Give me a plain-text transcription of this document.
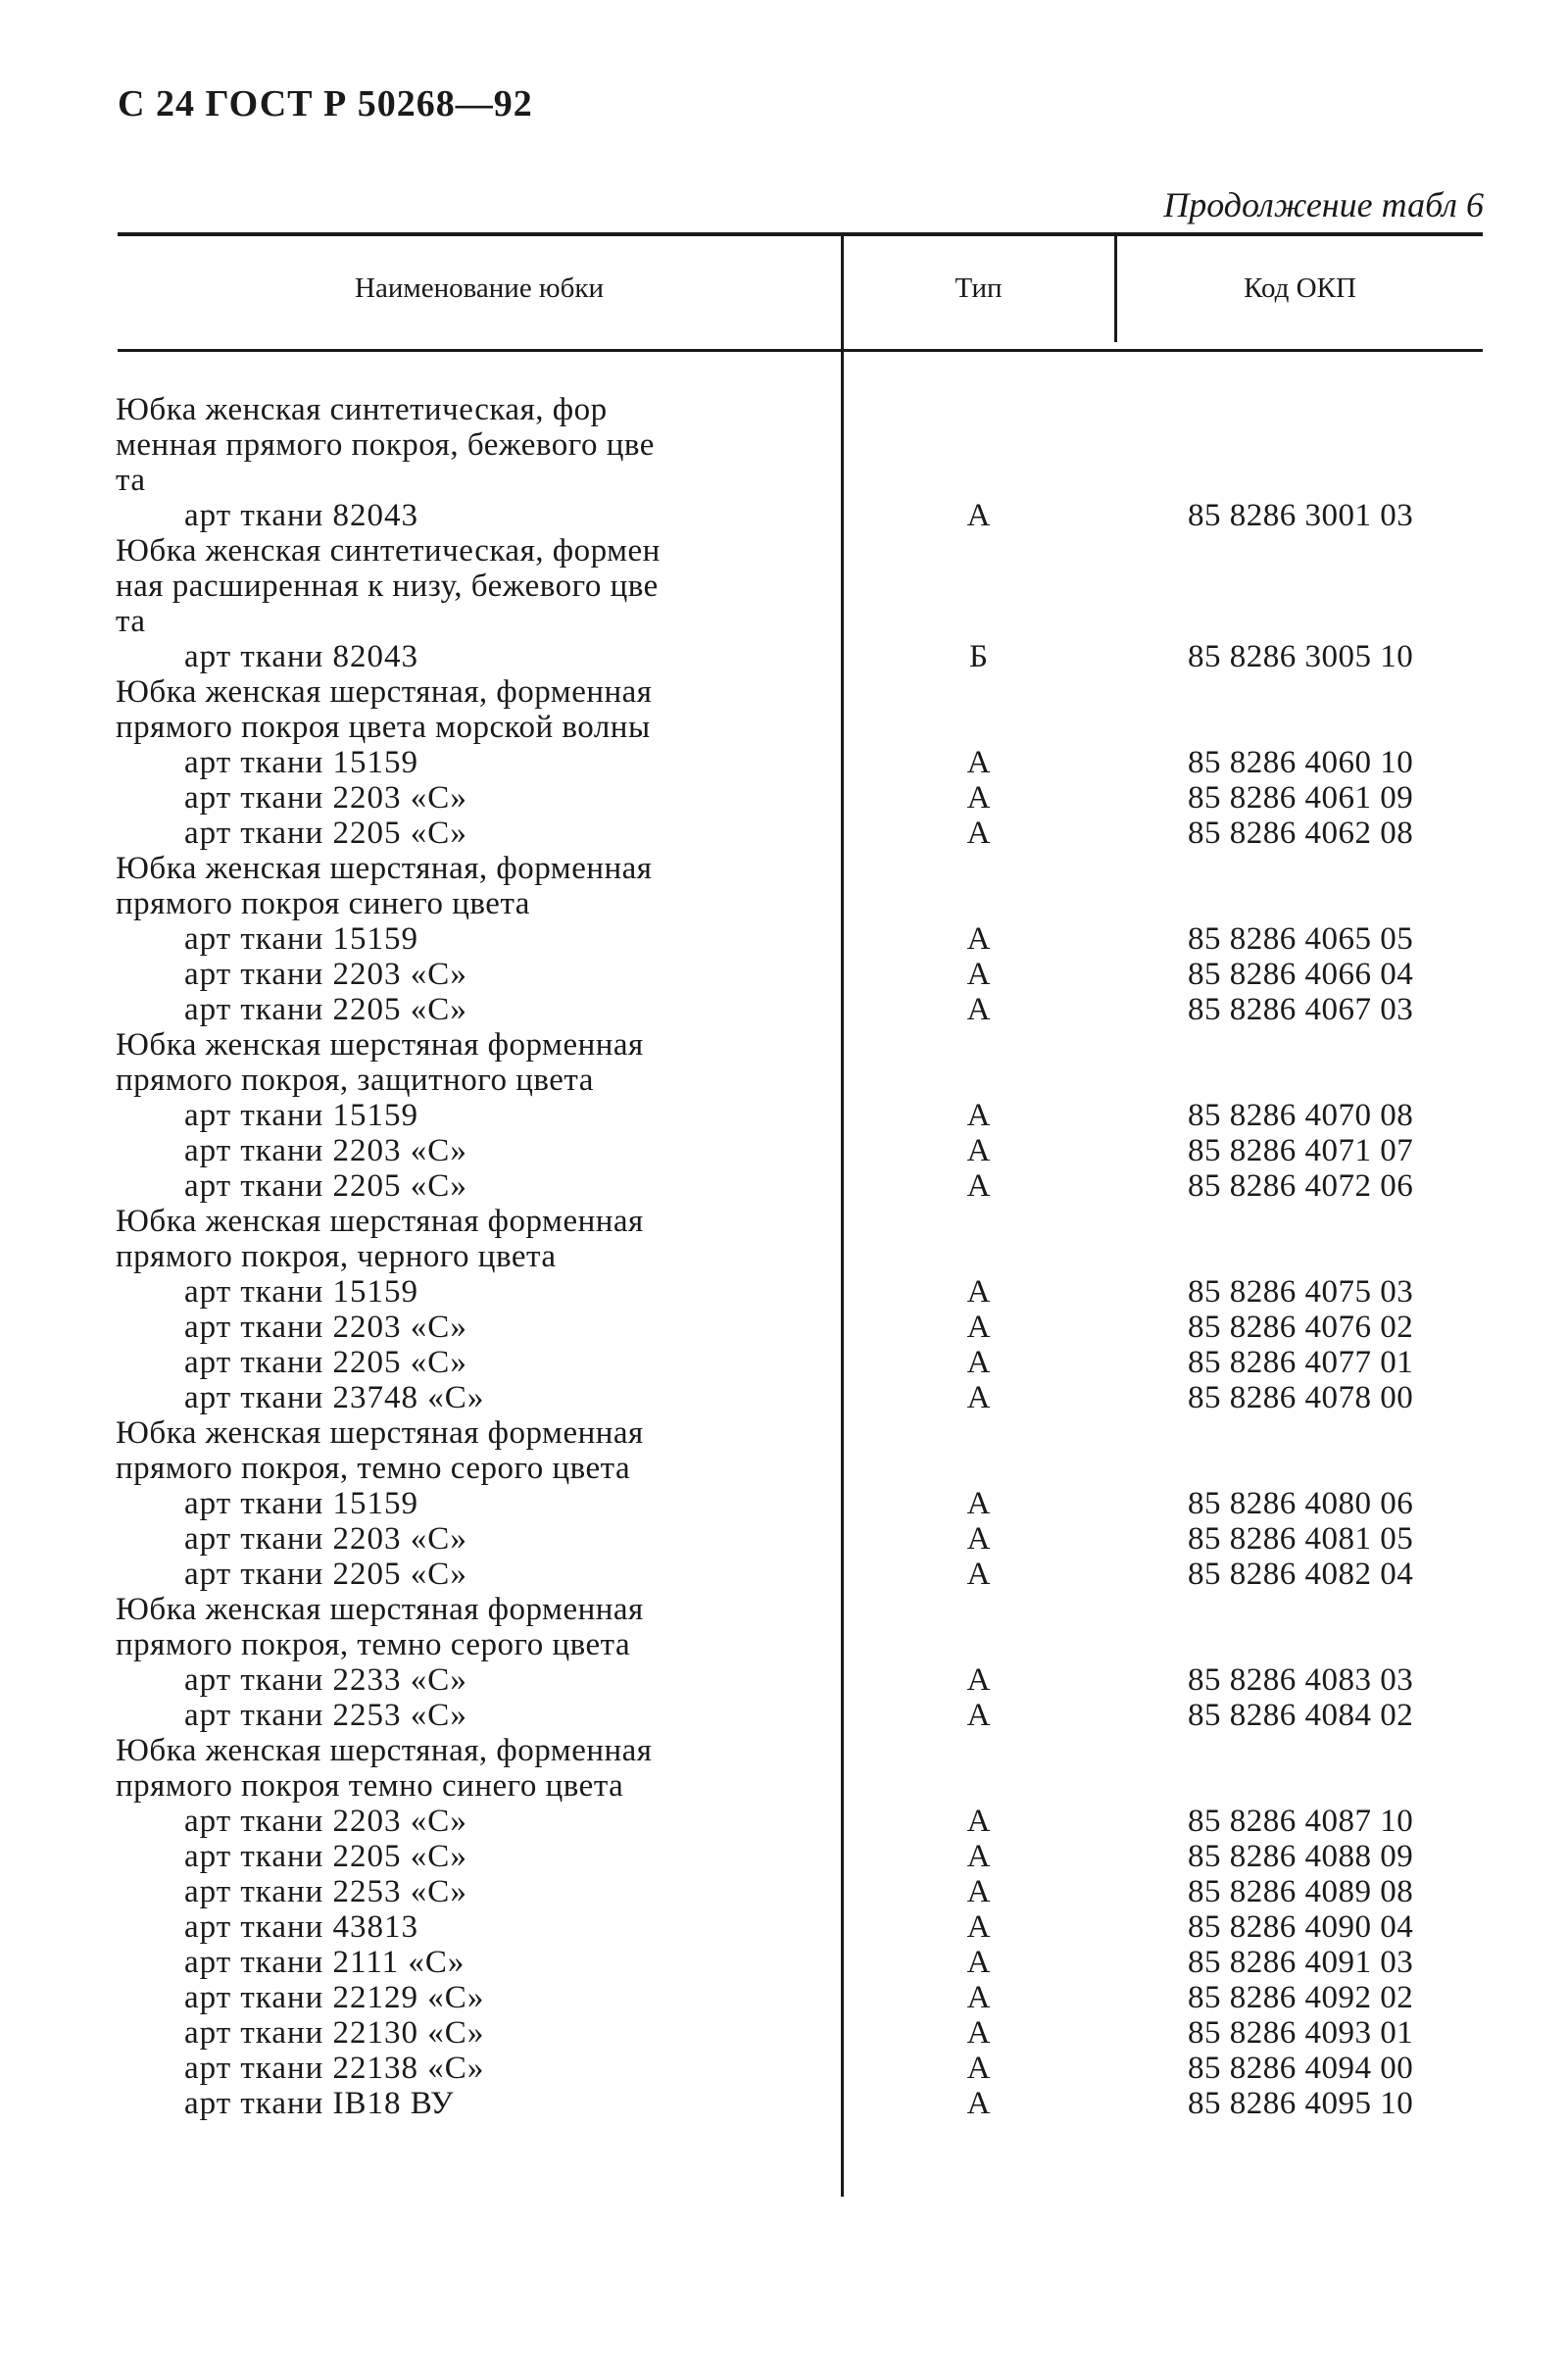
С 24 ГОСТ Р 50268—92
Продолжение табл 6
Наименование юбки	Тип	Код ОКП
Юбка женская синтетическая, фор
менная прямого покроя, бежевого цве
та
арт ткани 82043	А	85 8286 3001 03
Юбка женская синтетическая, формен
ная расширенная к низу, бежевого цве
та
арт ткани 82043	Б	85 8286 3005 10
Юбка женская шерстяная, форменная
прямого покроя цвета морской волны
арт ткани 15159	А	85 8286 4060 10
арт ткани 2203 «С»	А	85 8286 4061 09
арт ткани 2205 «С»	А	85 8286 4062 08
Юбка женская шерстяная, форменная
прямого покроя синего цвета
арт ткани 15159	А	85 8286 4065 05
арт ткани 2203 «С»	А	85 8286 4066 04
арт ткани 2205 «С»	А	85 8286 4067 03
Юбка женская шерстяная форменная
прямого покроя, защитного цвета
арт ткани 15159	А	85 8286 4070 08
арт ткани 2203 «С»	А	85 8286 4071 07
арт ткани 2205 «С»	А	85 8286 4072 06
Юбка женская шерстяная форменная
прямого покроя, черного цвета
арт ткани 15159	А	85 8286 4075 03
арт ткани 2203 «С»	А	85 8286 4076 02
арт ткани 2205 «С»	А	85 8286 4077 01
арт ткани 23748 «С»	А	85 8286 4078 00
Юбка женская шерстяная форменная
прямого покроя, темно серого цвета
арт ткани 15159	А	85 8286 4080 06
арт ткани 2203 «С»	А	85 8286 4081 05
арт ткани 2205 «С»	А	85 8286 4082 04
Юбка женская шерстяная форменная
прямого покроя, темно серого цвета
арт ткани 2233 «С»	А	85 8286 4083 03
арт ткани 2253 «С»	А	85 8286 4084 02
Юбка женская шерстяная, форменная
прямого покроя темно синего цвета
арт ткани 2203 «С»	А	85 8286 4087 10
арт ткани 2205 «С»	А	85 8286 4088 09
арт ткани 2253 «С»	А	85 8286 4089 08
арт ткани 43813	А	85 8286 4090 04
арт ткани 2111 «С»	А	85 8286 4091 03
арт ткани 22129 «С»	А	85 8286 4092 02
арт ткани 22130 «С»	А	85 8286 4093 01
арт ткани 22138 «С»	А	85 8286 4094 00
арт ткани IB18 ВУ	А	85 8286 4095 10
